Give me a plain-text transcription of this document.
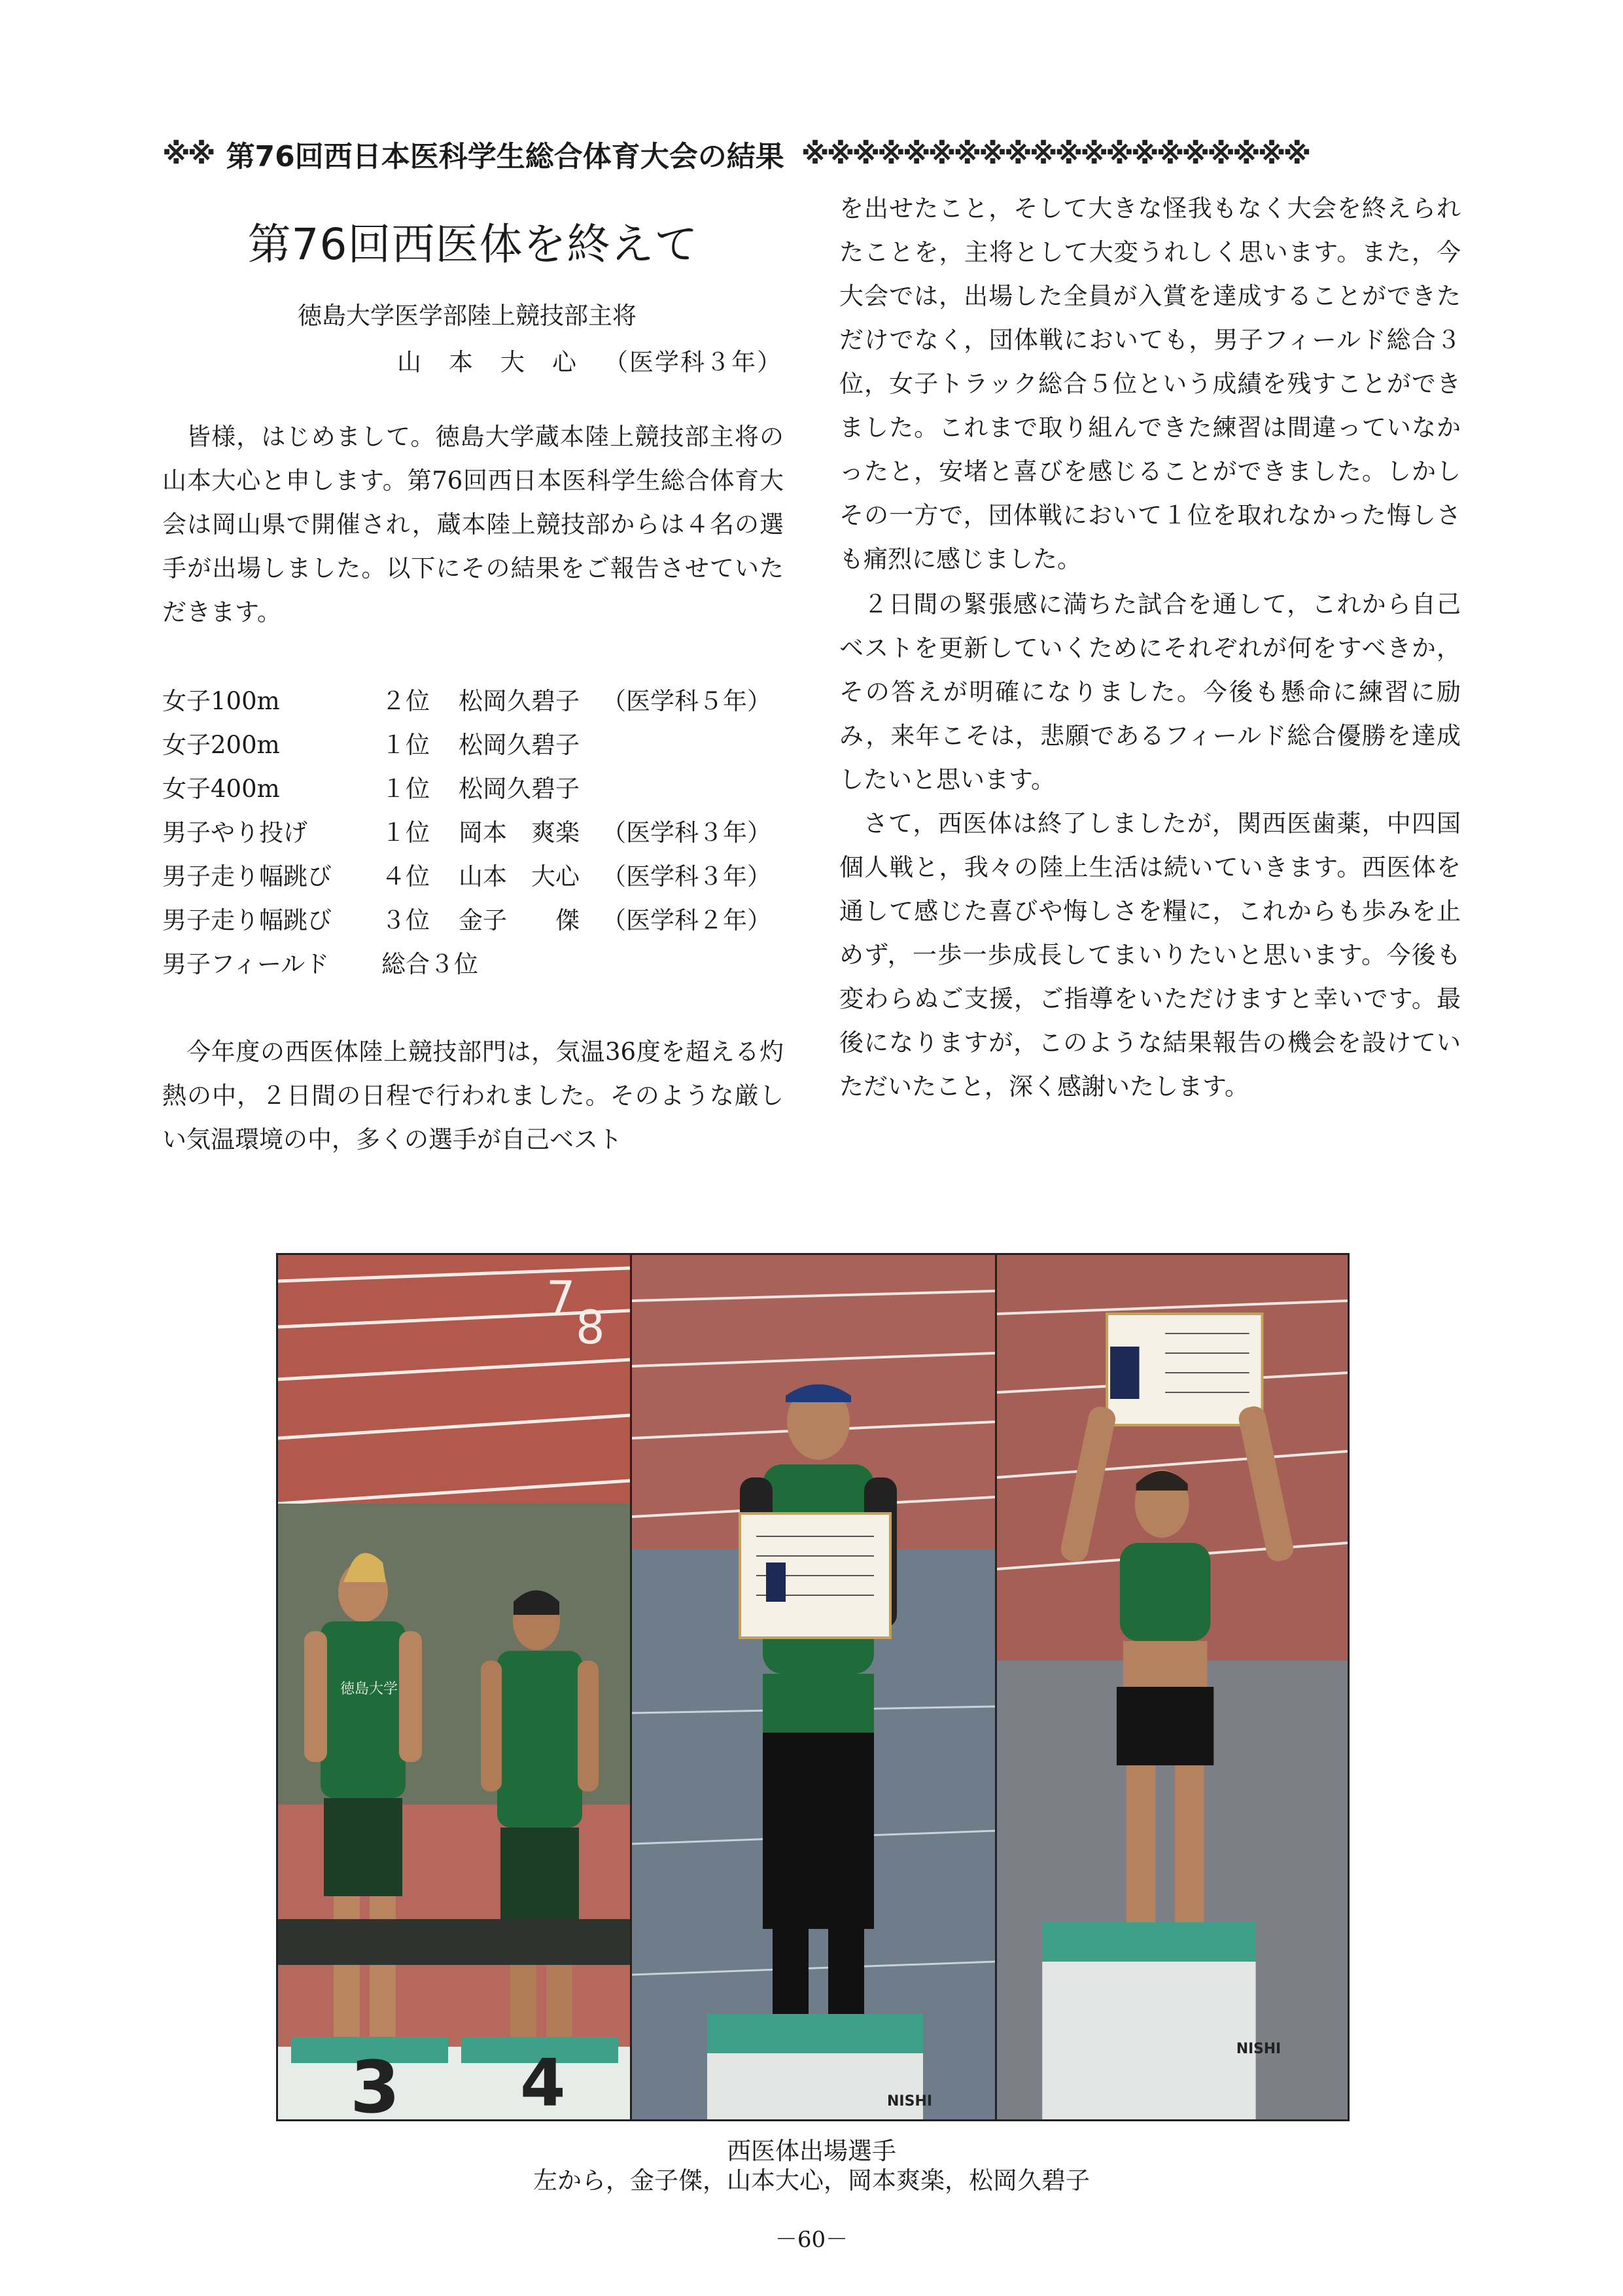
※※ 第76回西日本医科学生総合体育大会の結果 ※※※※※※※※※※※※※※※※※※※※
第76回西医体を終えて
徳島大学医学部陸上競技部主将
山本大心（医学科３年）

皆様，はじめまして。徳島大学蔵本陸上競技部主将の山本大心と申します。第76回西日本医科学生総合体育大会は岡山県で開催され，蔵本陸上競技部からは４名の選手が出場しました。以下にその結果をご報告させていただきます。

女子100m	２位 松岡久碧子 （医学科５年）
女子200m	１位 松岡久碧子
女子400m	１位 松岡久碧子
男子やり投げ	１位 岡本　爽楽 （医学科３年）
男子走り幅跳び ４位 山本　大心 （医学科３年）
男子走り幅跳び ３位 金子　　傑 （医学科２年）
男子フィールド 総合３位

今年度の西医体陸上競技部門は，気温36度を超える灼熱の中，２日間の日程で行われました。そのような厳しい気温環境の中，多くの選手が自己ベスト

を出せたこと，そして大きな怪我もなく大会を終えられたことを，主将として大変うれしく思います。また，今大会では，出場した全員が入賞を達成することができただけでなく，団体戦においても，男子フィールド総合３位，女子トラック総合５位という成績を残すことができました。これまで取り組んできた練習は間違っていなかったと，安堵と喜びを感じることができました。しかしその一方で，団体戦において１位を取れなかった悔しさも痛烈に感じました。

２日間の緊張感に満ちた試合を通して，これから自己ベストを更新していくためにそれぞれが何をすべきか，その答えが明確になりました。今後も懸命に練習に励み，来年こそは，悲願であるフィールド総合優勝を達成したいと思います。

さて，西医体は終了しましたが，関西医歯薬，中四国個人戦と，我々の陸上生活は続いていきます。西医体を通して感じた喜びや悔しさを糧に，これからも歩みを止めず，一歩一歩成長してまいりたいと思います。今後も変わらぬご支援，ご指導をいただけますと幸いです。最後になりますが，このような結果報告の機会を設けていただいたこと，深く感謝いたします。

7
8
徳島大学
3 4	NISHI
NISHI
西医体出場選手
左から，金子傑，山本大心，岡本爽楽，松岡久碧子
－60－
